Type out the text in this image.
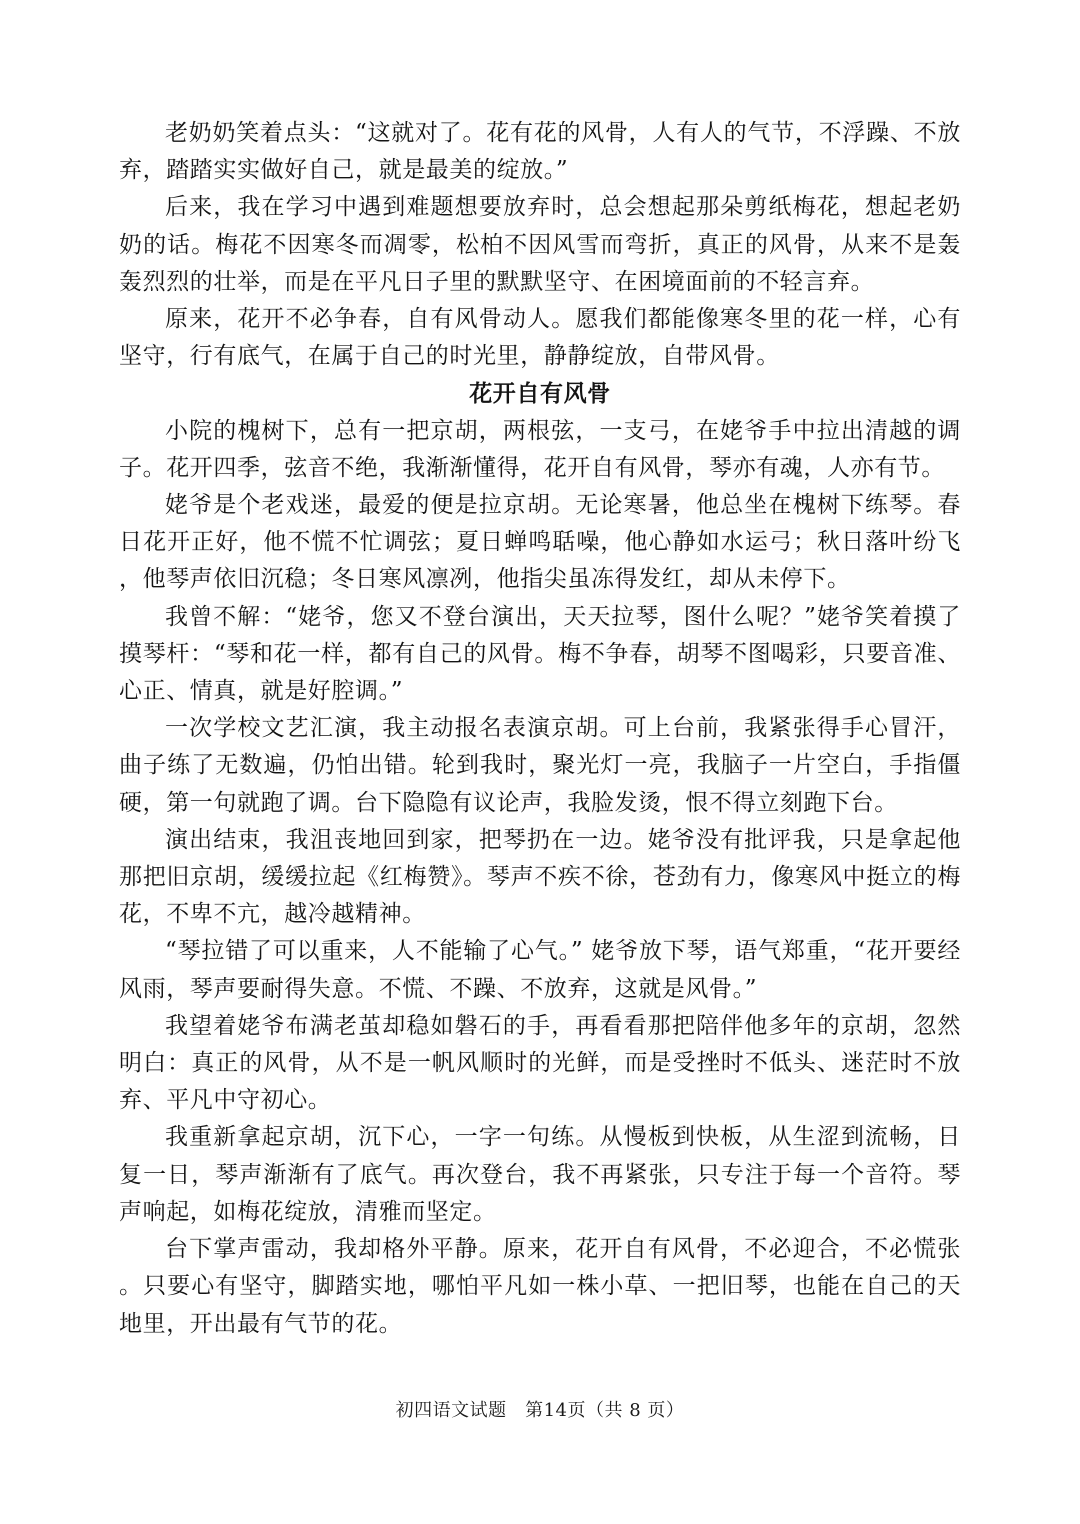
老奶奶笑着点头：“这就对了。花有花的风骨，人有人的气节，不浮躁、不放弃，踏踏实实做好自己，就是最美的绽放。”

后来，我在学习中遇到难题想要放弃时，总会想起那朵剪纸梅花，想起老奶奶的话。梅花不因寒冬而凋零，松柏不因风雪而弯折，真正的风骨，从来不是轰轰烈烈的壮举，而是在平凡日子里的默默坚守、在困境面前的不轻言弃。

原来，花开不必争春，自有风骨动人。愿我们都能像寒冬里的花一样，心有坚守，行有底气，在属于自己的时光里，静静绽放，自带风骨。

花开自有风骨

小院的槐树下，总有一把京胡，两根弦，一支弓，在姥爷手中拉出清越的调子。花开四季，弦音不绝，我渐渐懂得，花开自有风骨，琴亦有魂，人亦有节。

姥爷是个老戏迷，最爱的便是拉京胡。无论寒暑，他总坐在槐树下练琴。春日花开正好，他不慌不忙调弦；夏日蝉鸣聒噪，他心静如水运弓；秋日落叶纷飞，他琴声依旧沉稳；冬日寒风凛冽，他指尖虽冻得发红，却从未停下。

我曾不解：“姥爷，您又不登台演出，天天拉琴，图什么呢？”姥爷笑着摸了摸琴杆：“琴和花一样，都有自己的风骨。梅不争春，胡琴不图喝彩，只要音准、心正、情真，就是好腔调。”

一次学校文艺汇演，我主动报名表演京胡。可上台前，我紧张得手心冒汗，曲子练了无数遍，仍怕出错。轮到我时，聚光灯一亮，我脑子一片空白，手指僵硬，第一句就跑了调。台下隐隐有议论声，我脸发烫，恨不得立刻跑下台。

演出结束，我沮丧地回到家，把琴扔在一边。姥爷没有批评我，只是拿起他那把旧京胡，缓缓拉起《红梅赞》。琴声不疾不徐，苍劲有力，像寒风中挺立的梅花，不卑不亢，越冷越精神。

“琴拉错了可以重来，人不能输了心气。” 姥爷放下琴，语气郑重，“花开要经风雨，琴声要耐得失意。不慌、不躁、不放弃，这就是风骨。”

我望着姥爷布满老茧却稳如磐石的手，再看看那把陪伴他多年的京胡，忽然明白：真正的风骨，从不是一帆风顺时的光鲜，而是受挫时不低头、迷茫时不放弃、平凡中守初心。

我重新拿起京胡，沉下心，一字一句练。从慢板到快板，从生涩到流畅，日复一日，琴声渐渐有了底气。再次登台，我不再紧张，只专注于每一个音符。琴声响起，如梅花绽放，清雅而坚定。

台下掌声雷动，我却格外平静。原来，花开自有风骨，不必迎合，不必慌张。只要心有坚守，脚踏实地，哪怕平凡如一株小草、一把旧琴，也能在自己的天地里，开出最有气节的花。

初四语文试题　第14页（共 8 页）
